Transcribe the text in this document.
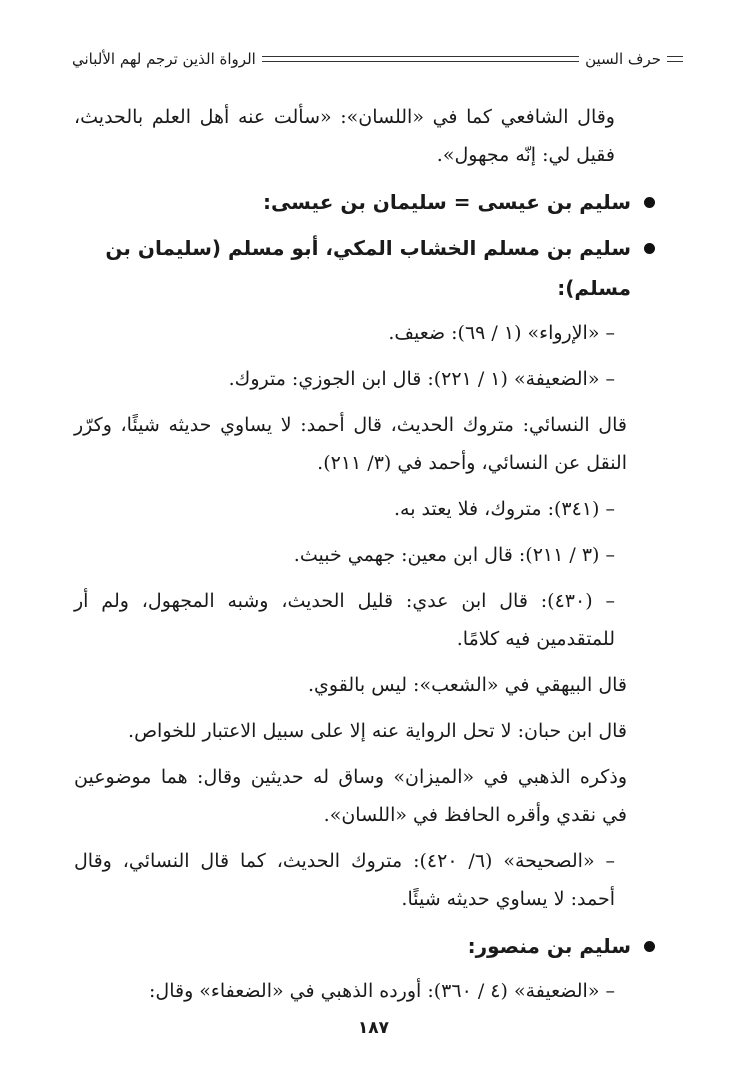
حرف السين
الرواة الذين ترجم لهم الألباني

وقال الشافعي كما في «اللسان»: «سألت عنه أهل العلم بالحديث، فقيل لي: إنّه مجهول».

سليم بن عيسى = سليمان بن عيسى:
سليم بن مسلم الخشاب المكي، أبو مسلم (سليمان بن مسلم):

– «الإرواء» (١ / ٦٩): ضعيف.

– «الضعيفة» (١ / ٢٢١): قال ابن الجوزي: متروك.

قال النسائي: متروك الحديث، قال أحمد: لا يساوي حديثه شيئًا، وكرّر النقل عن النسائي، وأحمد في (٣/ ٢١١).

– (٣٤١): متروك، فلا يعتد به.

– (٣ / ٢١١): قال ابن معين: جهمي خبيث.

– (٤٣٠): قال ابن عدي: قليل الحديث، وشبه المجهول، ولم أر للمتقدمين فيه كلامًا.

قال البيهقي في «الشعب»: ليس بالقوي.

قال ابن حبان: لا تحل الرواية عنه إلا على سبيل الاعتبار للخواص.

وذكره الذهبي في «الميزان» وساق له حديثين وقال: هما موضوعين في نقدي وأقره الحافظ في «اللسان».

– «الصحيحة» (٦/ ٤٢٠): متروك الحديث، كما قال النسائي، وقال أحمد: لا يساوي حديثه شيئًا.

سليم بن منصور:

– «الضعيفة» (٤ / ٣٦٠): أورده الذهبي في «الضعفاء» وقال:

١٨٧
